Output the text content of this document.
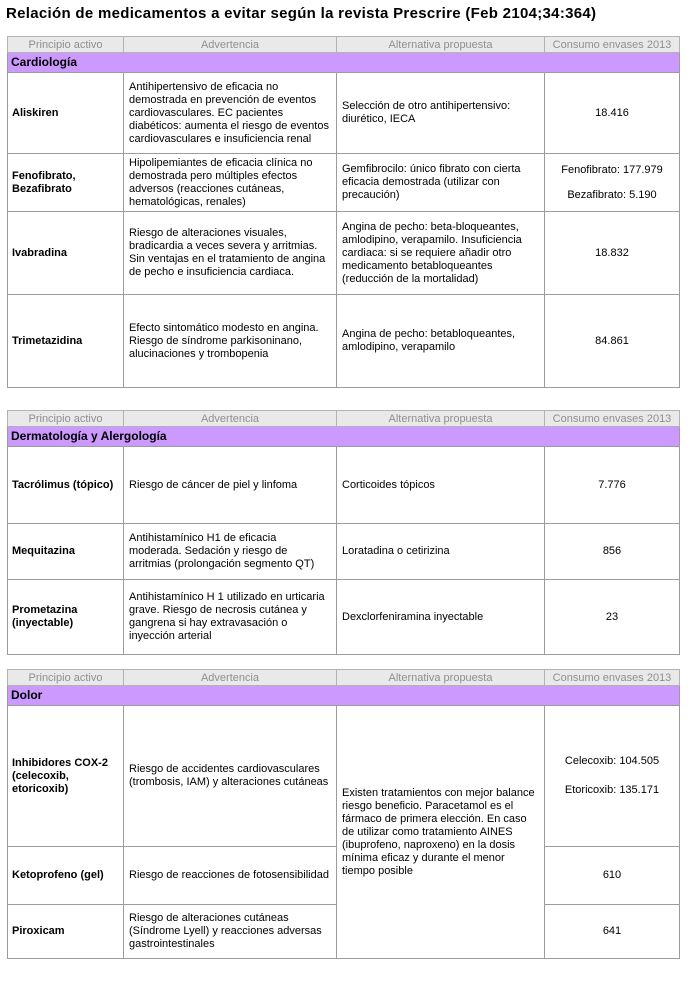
Relación de medicamentos a evitar según la revista Prescrire (Feb 2104;34:364)
Principio activo	Advertencia	Alternativa propuesta	Consumo envases 2013
Cardiología			
Aliskiren	Antihipertensivo de eficacia no demostrada en prevención de eventos cardiovasculares. EC pacientes diabéticos: aumenta el riesgo de eventos cardiovasculares e insuficiencia renal	Selección de otro antihipertensivo: diurético, IECA	18.416

Fenofibrato, Bezafibrato	Hipolipemiantes de eficacia clínica no demostrada pero múltiples efectos adversos (reacciones cutáneas, hematológicas, renales)	Gemfibrocilo: único fibrato con cierta eficacia demostrada (utilizar con precaución)	Fenofibrato: 177.979
Bezafibrato: 5.190

Ivabradina	Riesgo de alteraciones visuales, bradicardia a veces severa y arritmias. Sin ventajas en el tratamiento de angina de pecho e insuficiencia cardiaca.	Angina de pecho: beta-bloqueantes, amlodipino, verapamilo. Insuficiencia cardiaca: si se requiere añadir otro medicamento betabloqueantes (reducción de la mortalidad)	18.832

Trimetazidina	Efecto sintomático modesto en angina. Riesgo de síndrome parkisoninano, alucinaciones y trombopenia	Angina de pecho: betabloqueantes, amlodipino, verapamilo	84.861
Principio activo	Advertencia	Alternativa propuesta	Consumo envases 2013
Dermatología y Alergología			
Tacrólimus (tópico)	Riesgo de cáncer de piel y linfoma	Corticoides tópicos	7.776

Mequitazina	Antihistamínico H1 de eficacia moderada. Sedación y riesgo de arritmias (prolongación segmento QT)	Loratadina o cetirizina	856

Prometazina (inyectable)	Antihistamínico H 1 utilizado en urticaria grave. Riesgo de necrosis cutánea y gangrena si hay extravasación o inyección arterial	Dexclorfeniramina inyectable	23
Principio activo	Advertencia	Alternativa propuesta	Consumo envases 2013
Dolor			
Inhibidores COX-2 (celecoxib, etoricoxib)	Riesgo de accidentes cardiovasculares (trombosis, IAM) y alteraciones cutáneas	Existen tratamientos con mejor balance riesgo beneficio. Paracetamol es el fármaco de primera elección. En caso de utilizar como tratamiento AINES (ibuprofeno, naproxeno) en la dosis mínima eficaz y durante el menor tiempo posible	Celecoxib: 104.505
Etoricoxib: 135.171

Ketoprofeno (gel)	Riesgo de reacciones de fotosensibilidad		610

Piroxicam	Riesgo de alteraciones cutáneas (Síndrome Lyell) y reacciones adversas gastrointestinales		641
